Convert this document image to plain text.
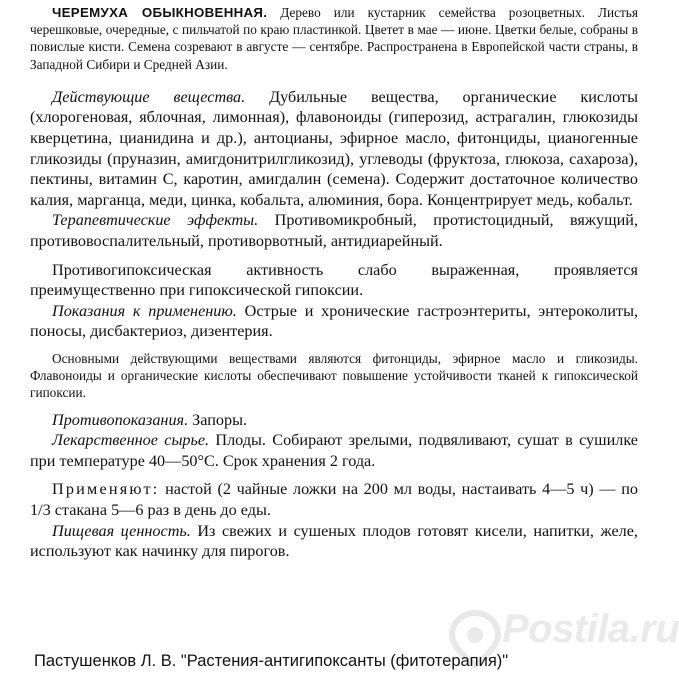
ЧЕРЕМУХА ОБЫКНОВЕННАЯ. Дерево или кустарник семейства розоцветных. Листья черешковые, очередные, с пильчатой по краю пластинкой. Цветет в мае — июне. Цветки белые, собраны в повислые кисти. Семена созревают в августе — сентябре. Распространена в Европейской части страны, в Западной Сибири и Средней Азии.

Действующие вещества. Дубильные вещества, органические кислоты (хлорогеновая, яблочная, лимонная), флавоноиды (гиперозид, астрагалин, глюкозиды кверцетина, цианидина и др.), антоцианы, эфирное масло, фитонциды, цианогенные гликозиды (пруназин, амигдонитрилгликозид), углеводы (фруктоза, глюкоза, сахароза), пектины, витамин С, каротин, амигдалин (семена). Содержит достаточное количество калия, марганца, меди, цинка, кобальта, алюминия, бора. Концентрирует медь, кобальт.

Терапевтические эффекты. Противомикробный, протистоцидный, вяжущий, противовоспалительный, противорвотный, антидиарейный.

Противогипоксическая активность слабо выраженная, проявляется преимущественно при гипоксической гипоксии.

Показания к применению. Острые и хронические гастроэнтериты, энтероколиты, поносы, дисбактериоз, дизентерия.

Основными действующими веществами являются фитонциды, эфирное масло и гликозиды. Флавоноиды и органические кислоты обеспечивают повышение устойчивости тканей к гипоксической гипоксии.

Противопоказания. Запоры.

Лекарственное сырье. Плоды. Собирают зрелыми, подвяливают, сушат в сушилке при температуре 40—50°С. Срок хранения 2 года.

Применяют: настой (2 чайные ложки на 200 мл воды, настаивать 4—5 ч) — по 1/3 стакана 5—6 раз в день до еды.

Пищевая ценность. Из свежих и сушеных плодов готовят кисели, напитки, желе, используют как начинку для пирогов.

Postila.ru
Пастушенков Л. В. "Растения-антигипоксанты (фитотерапия)"
